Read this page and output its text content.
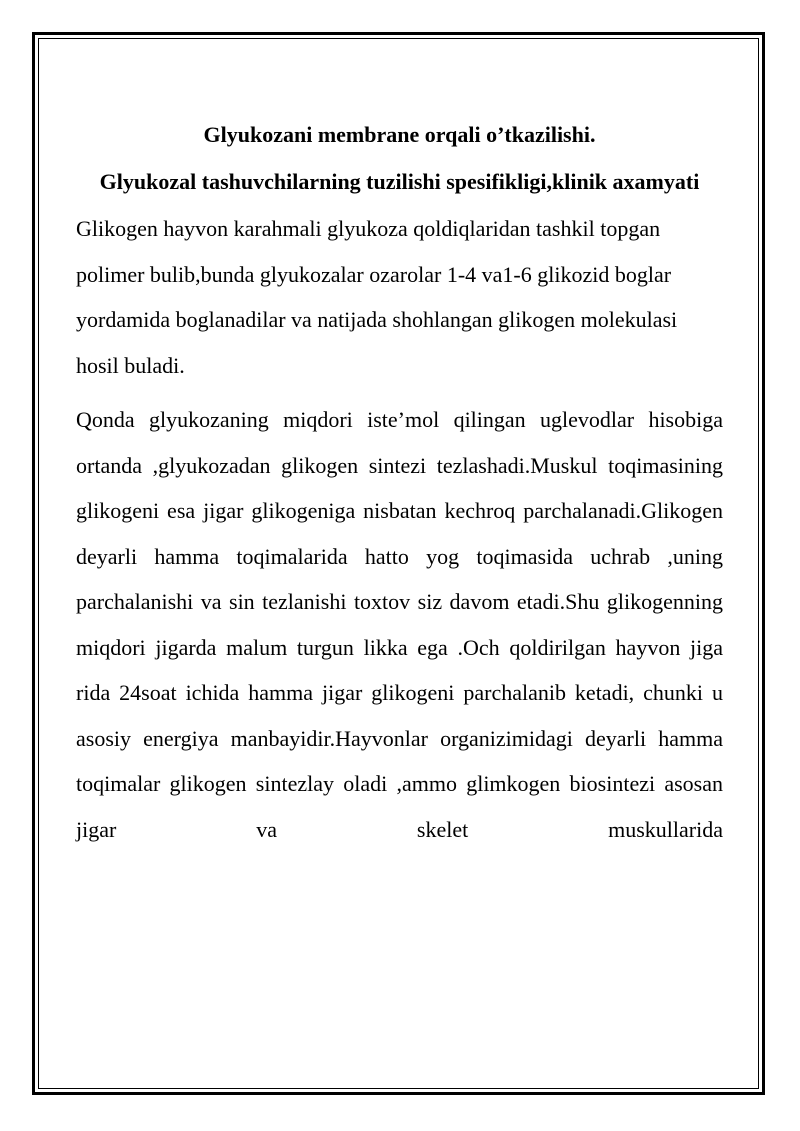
Glyukozani membrane orqali o’tkazilishi.

Glyukozal tashuvchilarning tuzilishi spesifikligi,klinik axamyati

Glikogen hayvon karahmali glyukoza qoldiqlaridan tashkil topgan polimer bulib,bunda glyukozalar ozarolar 1-4 va1-6 glikozid boglar yordamida boglanadilar va natijada shohlangan glikogen molekulasi hosil buladi.

Qonda glyukozaning miqdori iste’mol qilingan uglevodlar hisobiga ortanda ,glyukozadan glikogen sintezi tezlashadi.Muskul toqimasining glikogeni esa jigar glikogeniga nisbatan kechroq parchalanadi.Glikogen deyarli hamma toqimalarida hatto yog toqimasida uchrab ,uning parchalanishi va sin tezlanishi toxtov siz davom etadi.Shu glikogenning miqdori jigarda malum turgun likka ega .Och qoldirilgan hayvon jiga rida 24soat ichida hamma jigar glikogeni parchalanib ketadi, chunki u asosiy energiya manbayidir.Hayvonlar organizimidagi deyarli hamma toqimalar glikogen sintezlay oladi ,ammo glimkogen biosintezi asosan jigar va skelet muskullarida
